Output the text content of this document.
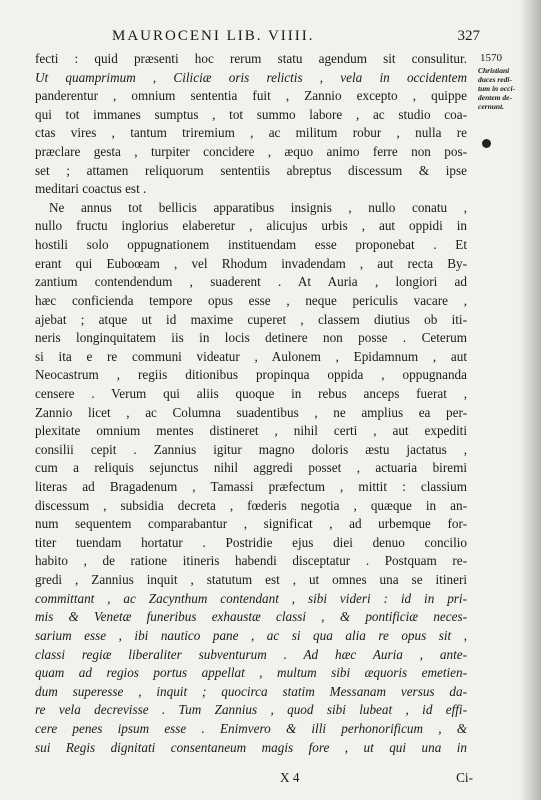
MAUROCENI LIB. VIIII.	327
1570
Christiani
duces redi-
tum in occi-
dentem de-
cernunt.
fecti : quid præsenti hoc rerum statu agendum sit consulitur.
Ut quamprimum , Ciliciæ oris relictis , vela in occidentem
panderentur , omnium sententia fuit , Zannio excepto , quippe
qui tot immanes sumptus , tot summo labore , ac studio coa-
ctas vires , tantum triremium , ac militum robur , nulla re
præclare gesta , turpiter concidere , æquo animo ferre non pos-
set ; attamen reliquorum sententiis abreptus discessum & ipse
meditari coactus est .
Ne annus tot bellicis apparatibus insignis , nullo conatu ,
nullo fructu inglorius elaberetur , alicujus urbis , aut oppidi in
hostili solo oppugnationem instituendam esse proponebat . Et
erant qui Euboœam , vel Rhodum invadendam , aut recta By-
zantium contendendum , suaderent . At Auria , longiori ad
hæc conficienda tempore opus esse , neque periculis vacare ,
ajebat ; atque ut id maxime cuperet , classem diutius ob iti-
neris longinquitatem iis in locis detinere non posse . Ceterum
si ita e re communi videatur , Aulonem , Epidamnum , aut
Neocastrum , regiis ditionibus propinqua oppida , oppugnanda
censere . Verum qui aliis quoque in rebus anceps fuerat ,
Zannio licet , ac Columna suadentibus , ne amplius ea per-
plexitate omnium mentes distineret , nihil certi , aut expediti
consilii cepit . Zannius igitur magno doloris æstu jactatus ,
cum a reliquis sejunctus nihil aggredi posset , actuaria biremi
literas ad Bragadenum , Tamassi præfectum , mittit : classium
discessum , subsidia decreta , fœderis negotia , quæque in an-
num sequentem comparabantur , significat , ad urbemque for-
titer tuendam hortatur . Postridie ejus diei denuo concilio
habito , de ratione itineris habendi disceptatur . Postquam re-
gredi , Zannius inquit , statutum est , ut omnes una se itineri
committant , ac Zacynthum contendant , sibi videri : id in pri-
mis & Venetæ funeribus exhaustæ classi , & pontificiæ neces-
sarium esse , ibi nautico pane , ac si qua alia re opus sit ,
classi regiæ liberaliter subventurum . Ad hæc Auria , ante-
quam ad regios portus appellat , multum sibi æquoris emetien-
dum superesse , inquit ; quocirca statim Messanam versus da-
re vela decrevisse . Tum Zannius , quod sibi lubeat , id effi-
cere penes ipsum esse . Enimvero & illi perhonorificum , &
sui Regis dignitati consentaneum magis fore , ut qui una in
X 4	Ci-
